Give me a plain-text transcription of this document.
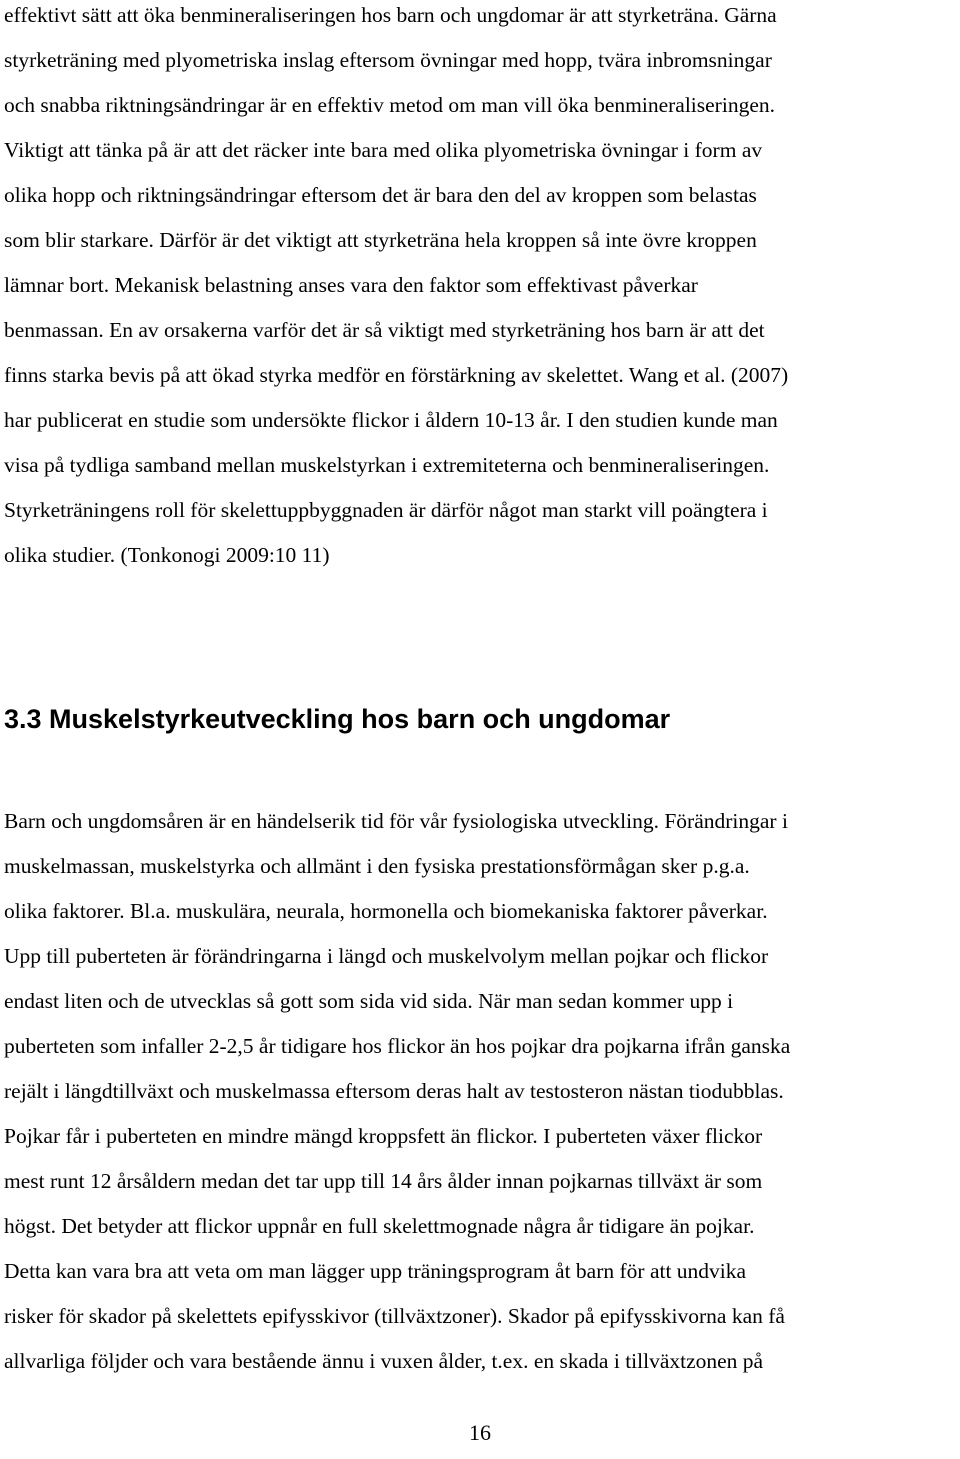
effektivt sätt att öka benmineraliseringen hos barn och ungdomar är att styrketräna. Gärna
styrketräning med plyometriska inslag eftersom övningar med hopp, tvära inbromsningar
och snabba riktningsändringar är en effektiv metod om man vill öka benmineraliseringen.
Viktigt att tänka på är att det räcker inte bara med olika plyometriska övningar i form av
olika hopp och riktningsändringar eftersom det är bara den del av kroppen som belastas
som blir starkare. Därför är det viktigt att styrketräna hela kroppen så inte övre kroppen
lämnar bort. Mekanisk belastning anses vara den faktor som effektivast påverkar
benmassan. En av orsakerna varför det är så viktigt med styrketräning hos barn är att det
finns starka bevis på att ökad styrka medför en förstärkning av skelettet. Wang et al. (2007)
har publicerat en studie som undersökte flickor i åldern 10-13 år. I den studien kunde man
visa på tydliga samband mellan muskelstyrkan i extremiteterna och benmineraliseringen.
Styrketräningens roll för skelettuppbyggnaden är därför något man starkt vill poängtera i
olika studier. (Tonkonogi 2009:10 11)
3.3 Muskelstyrkeutveckling hos barn och ungdomar
Barn och ungdomsåren är en händelserik tid för vår fysiologiska utveckling. Förändringar i
muskelmassan, muskelstyrka och allmänt i den fysiska prestationsförmågan sker p.g.a.
olika faktorer. Bl.a. muskulära, neurala, hormonella och biomekaniska faktorer påverkar.
Upp till puberteten är förändringarna i längd och muskelvolym mellan pojkar och flickor
endast liten och de utvecklas så gott som sida vid sida. När man sedan kommer upp i
puberteten som infaller 2-2,5 år tidigare hos flickor än hos pojkar dra pojkarna ifrån ganska
rejält i längdtillväxt och muskelmassa eftersom deras halt av testosteron nästan tiodubblas.
Pojkar får i puberteten en mindre mängd kroppsfett än flickor. I puberteten växer flickor
mest runt 12 årsåldern medan det tar upp till 14 års ålder innan pojkarnas tillväxt är som
högst. Det betyder att flickor uppnår en full skelettmognade några år tidigare än pojkar.
Detta kan vara bra att veta om man lägger upp träningsprogram åt barn för att undvika
risker för skador på skelettets epifysskivor (tillväxtzoner). Skador på epifysskivorna kan få
allvarliga följder och vara bestående ännu i vuxen ålder, t.ex. en skada i tillväxtzonen på
16
